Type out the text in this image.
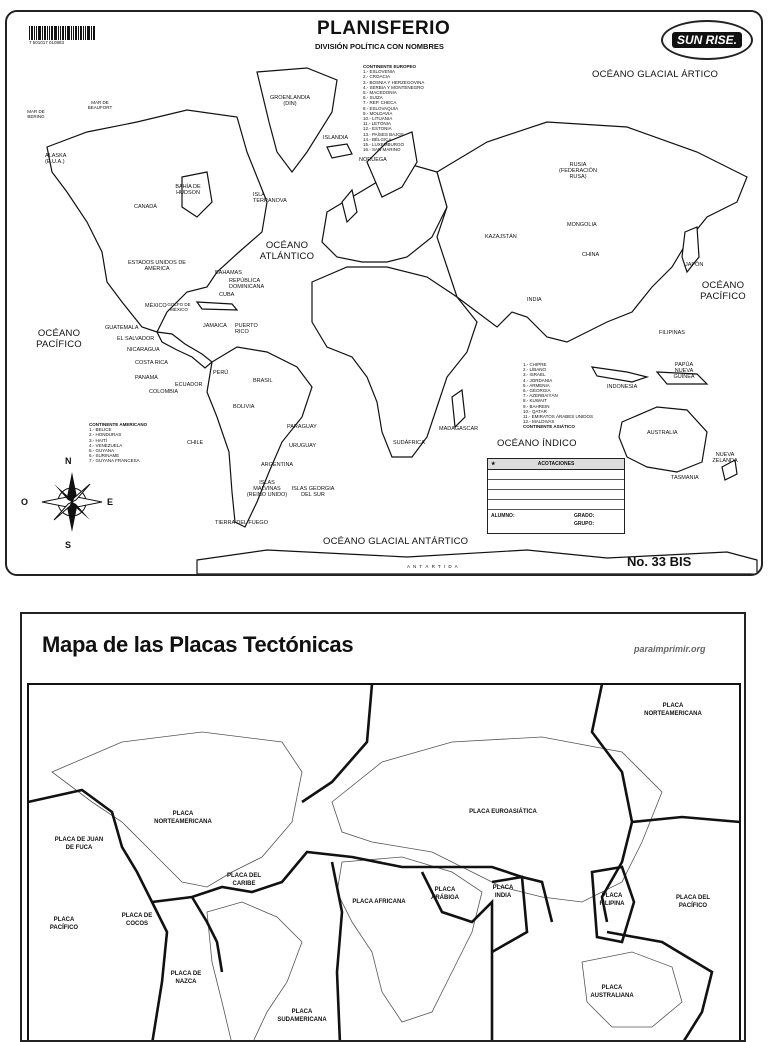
7 501017 010883
PLANISFERIO
DIVISIÓN POLÍTICA CON NOMBRES	SUN RISE.
N
S
E
O
OCÉANO GLACIAL ÁRTICO
OCÉANO ATLÁNTICO
OCÉANO PACÍFICO
OCÉANO PACÍFICO
OCÉANO ÍNDICO
OCÉANO GLACIAL ANTÁRTICO
A N T Á R T I D A
GROENLANDIA (DIN)
ALASKA (E.U.A.)
CANADÁ
BAHÍA DE HUDSON
ESTADOS UNIDOS DE AMÉRICA
ISLA TERRANOVA
MÉXICO
CUBA
BAHAMAS
REPÚBLICA DOMINICANA
PUERTO RICO
JAMAICA
GUATEMALA
EL SALVADOR
NICARAGUA
COSTA RICA
PANAMÁ
COLOMBIA
ECUADOR
PERÚ
BRASIL
BOLIVIA
PARAGUAY
URUGUAY
CHILE
ARGENTINA
ISLAS MALVINAS (REINO UNIDO)
ISLAS GEORGIA DEL SUR
TIERRA DEL FUEGO
RUSIA (FEDERACIÓN RUSA)
MONGOLIA
CHINA
INDIA
JAPÓN
AUSTRALIA
ISLANDIA
NORUEGA
KAZAJSTÁN
INDONESIA
FILIPINAS
PAPÚA NUEVA GUINEA
TASMANIA
NUEVA ZELANDA
MADAGASCAR
SUDÁFRICA
MAR DE BERING
MAR DE BEAUFORT
GOLFO DE MÉXICO
CONTINENTE EUROPEO
1.- ESLOVENIA
2.- CROACIA
3.- BOSNIA Y HERZEGOVINA
4.- SERBIA Y MONTENEGRO
5.- MACEDONIA
6.- SUIZA
7.- REP. CHECA
8.- ESLOVAQUIA
9.- MOLDAVIA
10.- LITUANIA
11.- LETONIA
12.- ESTONIA
13.- PAÍSES BAJOS
14.- BÉLGICA
15.- LUXEMBURGO
16.- SAN MARINO
CONTINENTE AMERICANO
1.- BELICE
2.- HONDURAS
3.- HAITÍ
4.- VENEZUELA
5.- GUYANA
6.- SURINAME
7.- GUYANA FRANCESA
1.- CHIPRE
2.- LÍBANO
3.- ISRAEL
4.- JORDANIA
5.- ARMENIA
6.- GEORGIA
7.- AZERBAIYÁN
8.- KUWAIT
9.- BAHREIN
10.- QATAR
11.- EMIRATOS ÁRABES UNIDOS
12.- MALDIVAS
CONTINENTE ASIÁTICO
★	ACOTACIONES
ALUMNO:	GRADO:
GRUPO:
No. 33 BIS
Mapa de las Placas Tectónicas	paraimprimir.org
PLACA NORTEAMERICANA
PLACA NORTEAMERICANA
PLACA DE JUAN DE FUCA
PLACA DEL CARIBE
PLACA DE COCOS
PLACA PACÍFICO
PLACA DE NAZCA
PLACA SUDAMERICANA
PLACA AFRICANA
PLACA ARÁBIGA
PLACA INDIA
PLACA EUROASIÁTICA
PLACA FILIPINA
PLACA DEL PACÍFICO
PLACA AUSTRALIANA
